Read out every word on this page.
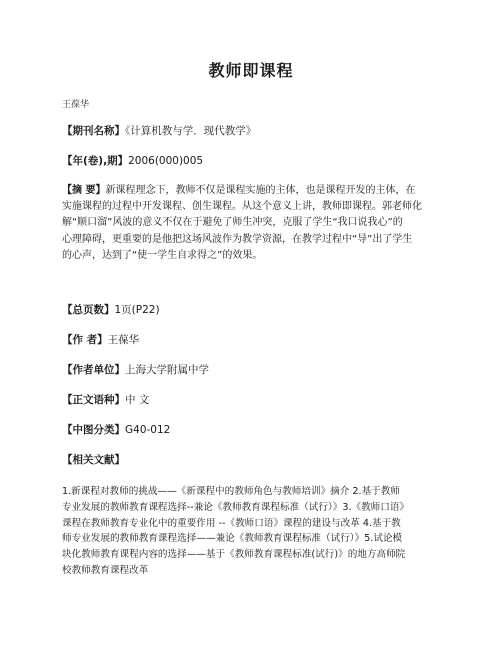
教师即课程
王葆华
【期刊名称】《计算机教与学．现代教学》
【年(卷),期】2006(000)005
【摘 要】新课程理念下，教师不仅是课程实施的主体，也是课程开发的主体，在
实施课程的过程中开发课程、创生课程。从这个意义上讲，教师即课程。郭老师化
解“顺口溜”风波的意义不仅在于避免了师生冲突，克服了学生“我口说我心”的
心理障碍，更重要的是他把这场风波作为教学资源，在教学过程中“导”出了学生
的心声，达到了“使一学生自求得之”的效果。
【总页数】1页(P22)
【作 者】王葆华
【作者单位】上海大学附属中学
【正文语种】中 文
【中图分类】G40-012
【相关文献】
1.新课程对教师的挑战——《新课程中的教师角色与教师培训》摘介 2.基于教师
专业发展的教师教育课程选择--兼论《教师教育课程标准（试行）》3.《教师口语》
课程在教师教育专业化中的重要作用 --《教师口语》课程的建设与改革 4.基于教
师专业发展的教师教育课程选择——兼论《教师教育课程标准（试行）》5.试论模
块化教师教育课程内容的选择——基于《教师教育课程标准(试行)》的地方高师院
校教师教育课程改革
